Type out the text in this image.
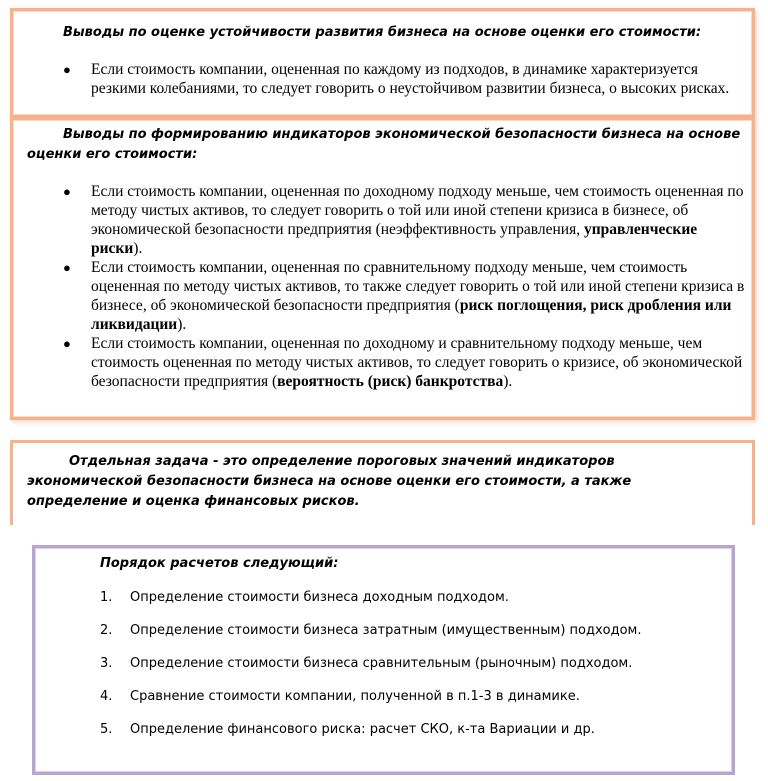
Выводы по оценке устойчивости развития бизнеса на основе оценки его стоимости:

● Если стоимость компании, оцененная по каждому из подходов, в динамике характеризуется резкими колебаниями, то следует говорить о неустойчивом развитии бизнеса, о высоких рисках.

Выводы по формированию индикаторов экономической безопасности бизнеса на основе оценки его стоимости:

● Если стоимость компании, оцененная по доходному подходу меньше, чем стоимость оцененная по методу чистых активов, то следует говорить о той или иной степени кризиса в бизнесе, об экономической безопасности предприятия (неэффективность управления, управленческие риски).
● Если стоимость компании, оцененная по сравнительному подходу меньше, чем стоимость оцененная по методу чистых активов, то также следует говорить о той или иной степени кризиса в бизнесе, об экономической безопасности предприятия (риск поглощения, риск дробления или ликвидации).
● Если стоимость компании, оцененная по доходному и сравнительному подходу меньше, чем стоимость оцененная по методу чистых активов, то следует говорить о кризисе, об экономической безопасности предприятия (вероятность (риск) банкротства).

Отдельная задача - это определение пороговых значений индикаторов экономической безопасности бизнеса на основе оценки его стоимости, а также определение и оценка финансовых рисков.

Порядок расчетов следующий:

1. Определение стоимости бизнеса доходным подходом.
2. Определение стоимости бизнеса затратным (имущественным) подходом.
3. Определение стоимости бизнеса сравнительным (рыночным) подходом.
4. Сравнение стоимости компании, полученной в п.1-3 в динамике.
5. Определение финансового риска: расчет СКО, к-та Вариации и др.
